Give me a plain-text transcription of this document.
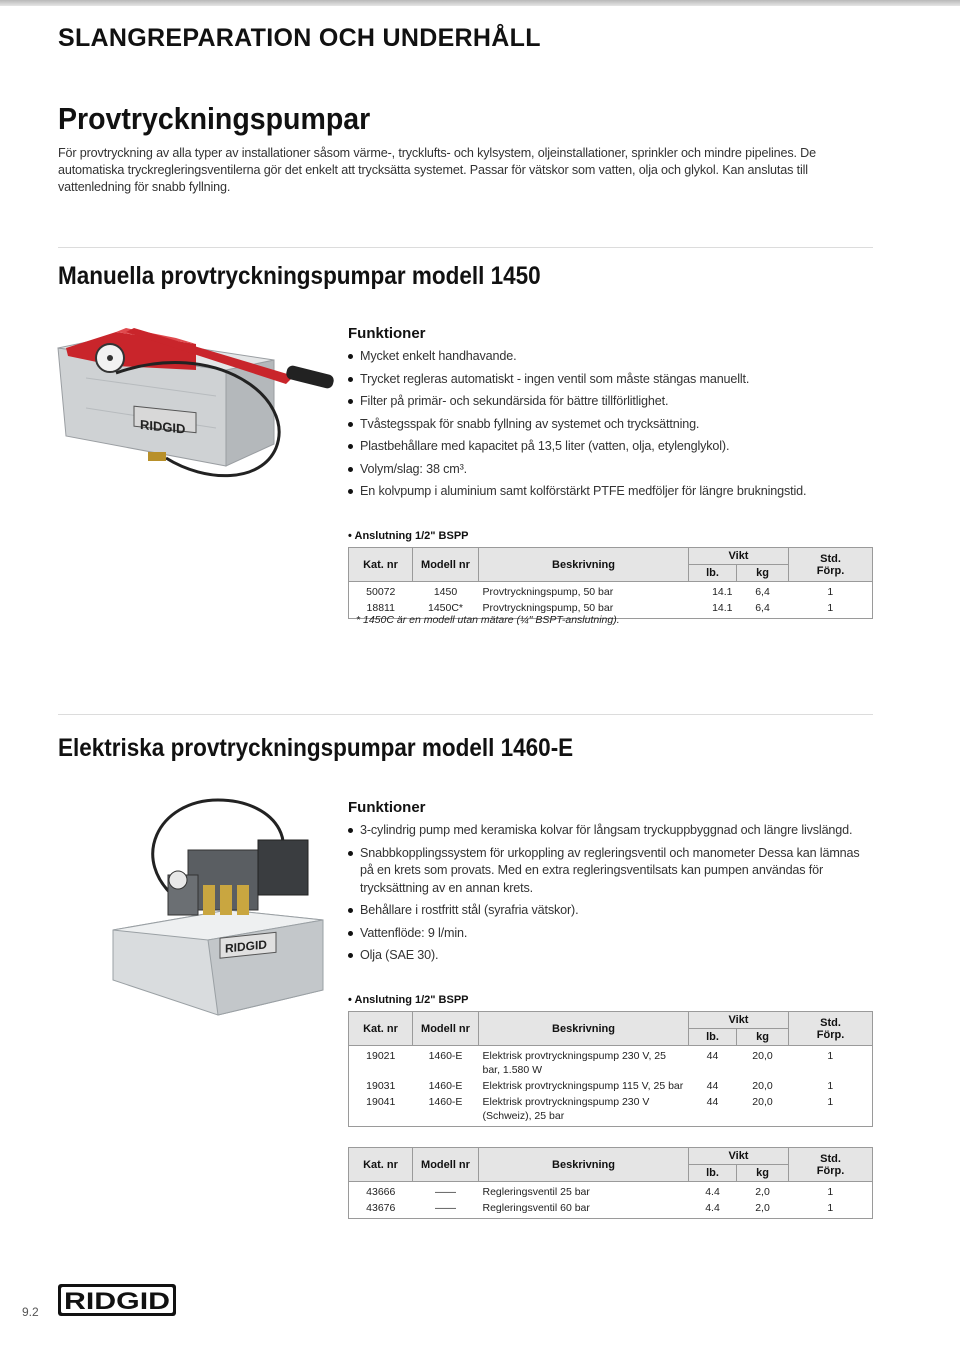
SLANGREPARATION OCH UNDERHÅLL
Provtryckningspumpar

För provtryckning av alla typer av installationer såsom värme-, trycklufts- och kylsystem, oljeinstallationer, sprinkler och mindre pipelines. De automatiska tryckregleringsventilerna gör det enkelt att trycksätta systemet. Passar för vätskor som vatten, olja och glykol. Kan anslutas till vattenledning för snabb fyllning.

Manuella provtryckningspumpar modell 1450
RIDGID
Funktioner
Mycket enkelt handhavande.
Trycket regleras automatiskt - ingen ventil som måste stängas manuellt.
Filter på primär- och sekundärsida för bättre tillförlitlighet.
Tvåstegsspak för snabb fyllning av systemet och trycksättning.
Plastbehållare med kapacitet på 13,5 liter (vatten, olja, etylenglykol).
Volym/slag: 38 cm³.
En kolvpump i aluminium samt kolförstärkt PTFE medföljer för längre brukningstid.
• Anslutning 1/2" BSPP
Kat. nr	Modell nr	Beskrivning	Vikt		Std.
Förp.
			lb.	kg	
50072	1450	Provtryckningspump, 50 bar	14.1	6,4	1
18811	1450C*	Provtryckningspump, 50 bar	14.1	6,4	1
* 1450C är en modell utan mätare (¼" BSPT-anslutning).
Elektriska provtryckningspumpar modell 1460-E
RIDGID
Funktioner
3-cylindrig pump med keramiska kolvar för långsam tryckuppbyggnad och längre livslängd.
Snabbkopplingssystem för urkoppling av regleringsventil och manometer Dessa kan lämnas på en krets som provats. Med en extra regleringsventilsats kan pumpen användas för trycksättning av en annan krets.
Behållare i rostfritt stål (syrafria vätskor).
Vattenflöde: 9 l/min.
Olja (SAE 30).
• Anslutning 1/2" BSPP
Kat. nr	Modell nr	Beskrivning	Vikt		Std.
Förp.
			lb.	kg	
19021	1460-E	Elektrisk provtryckningspump 230 V, 25 bar, 1.580 W	44	20,0	1
19031	1460-E	Elektrisk provtryckningspump 115 V, 25 bar	44	20,0	1
19041	1460-E	Elektrisk provtryckningspump 230 V (Schweiz), 25 bar	44	20,0	1
Kat. nr	Modell nr	Beskrivning	Vikt		Std.
Förp.
			lb.	kg	
43666	——	Regleringsventil 25 bar	4.4	2,0	1
43676	——	Regleringsventil 60 bar	4.4	2,0	1
9.2 RIDGID
